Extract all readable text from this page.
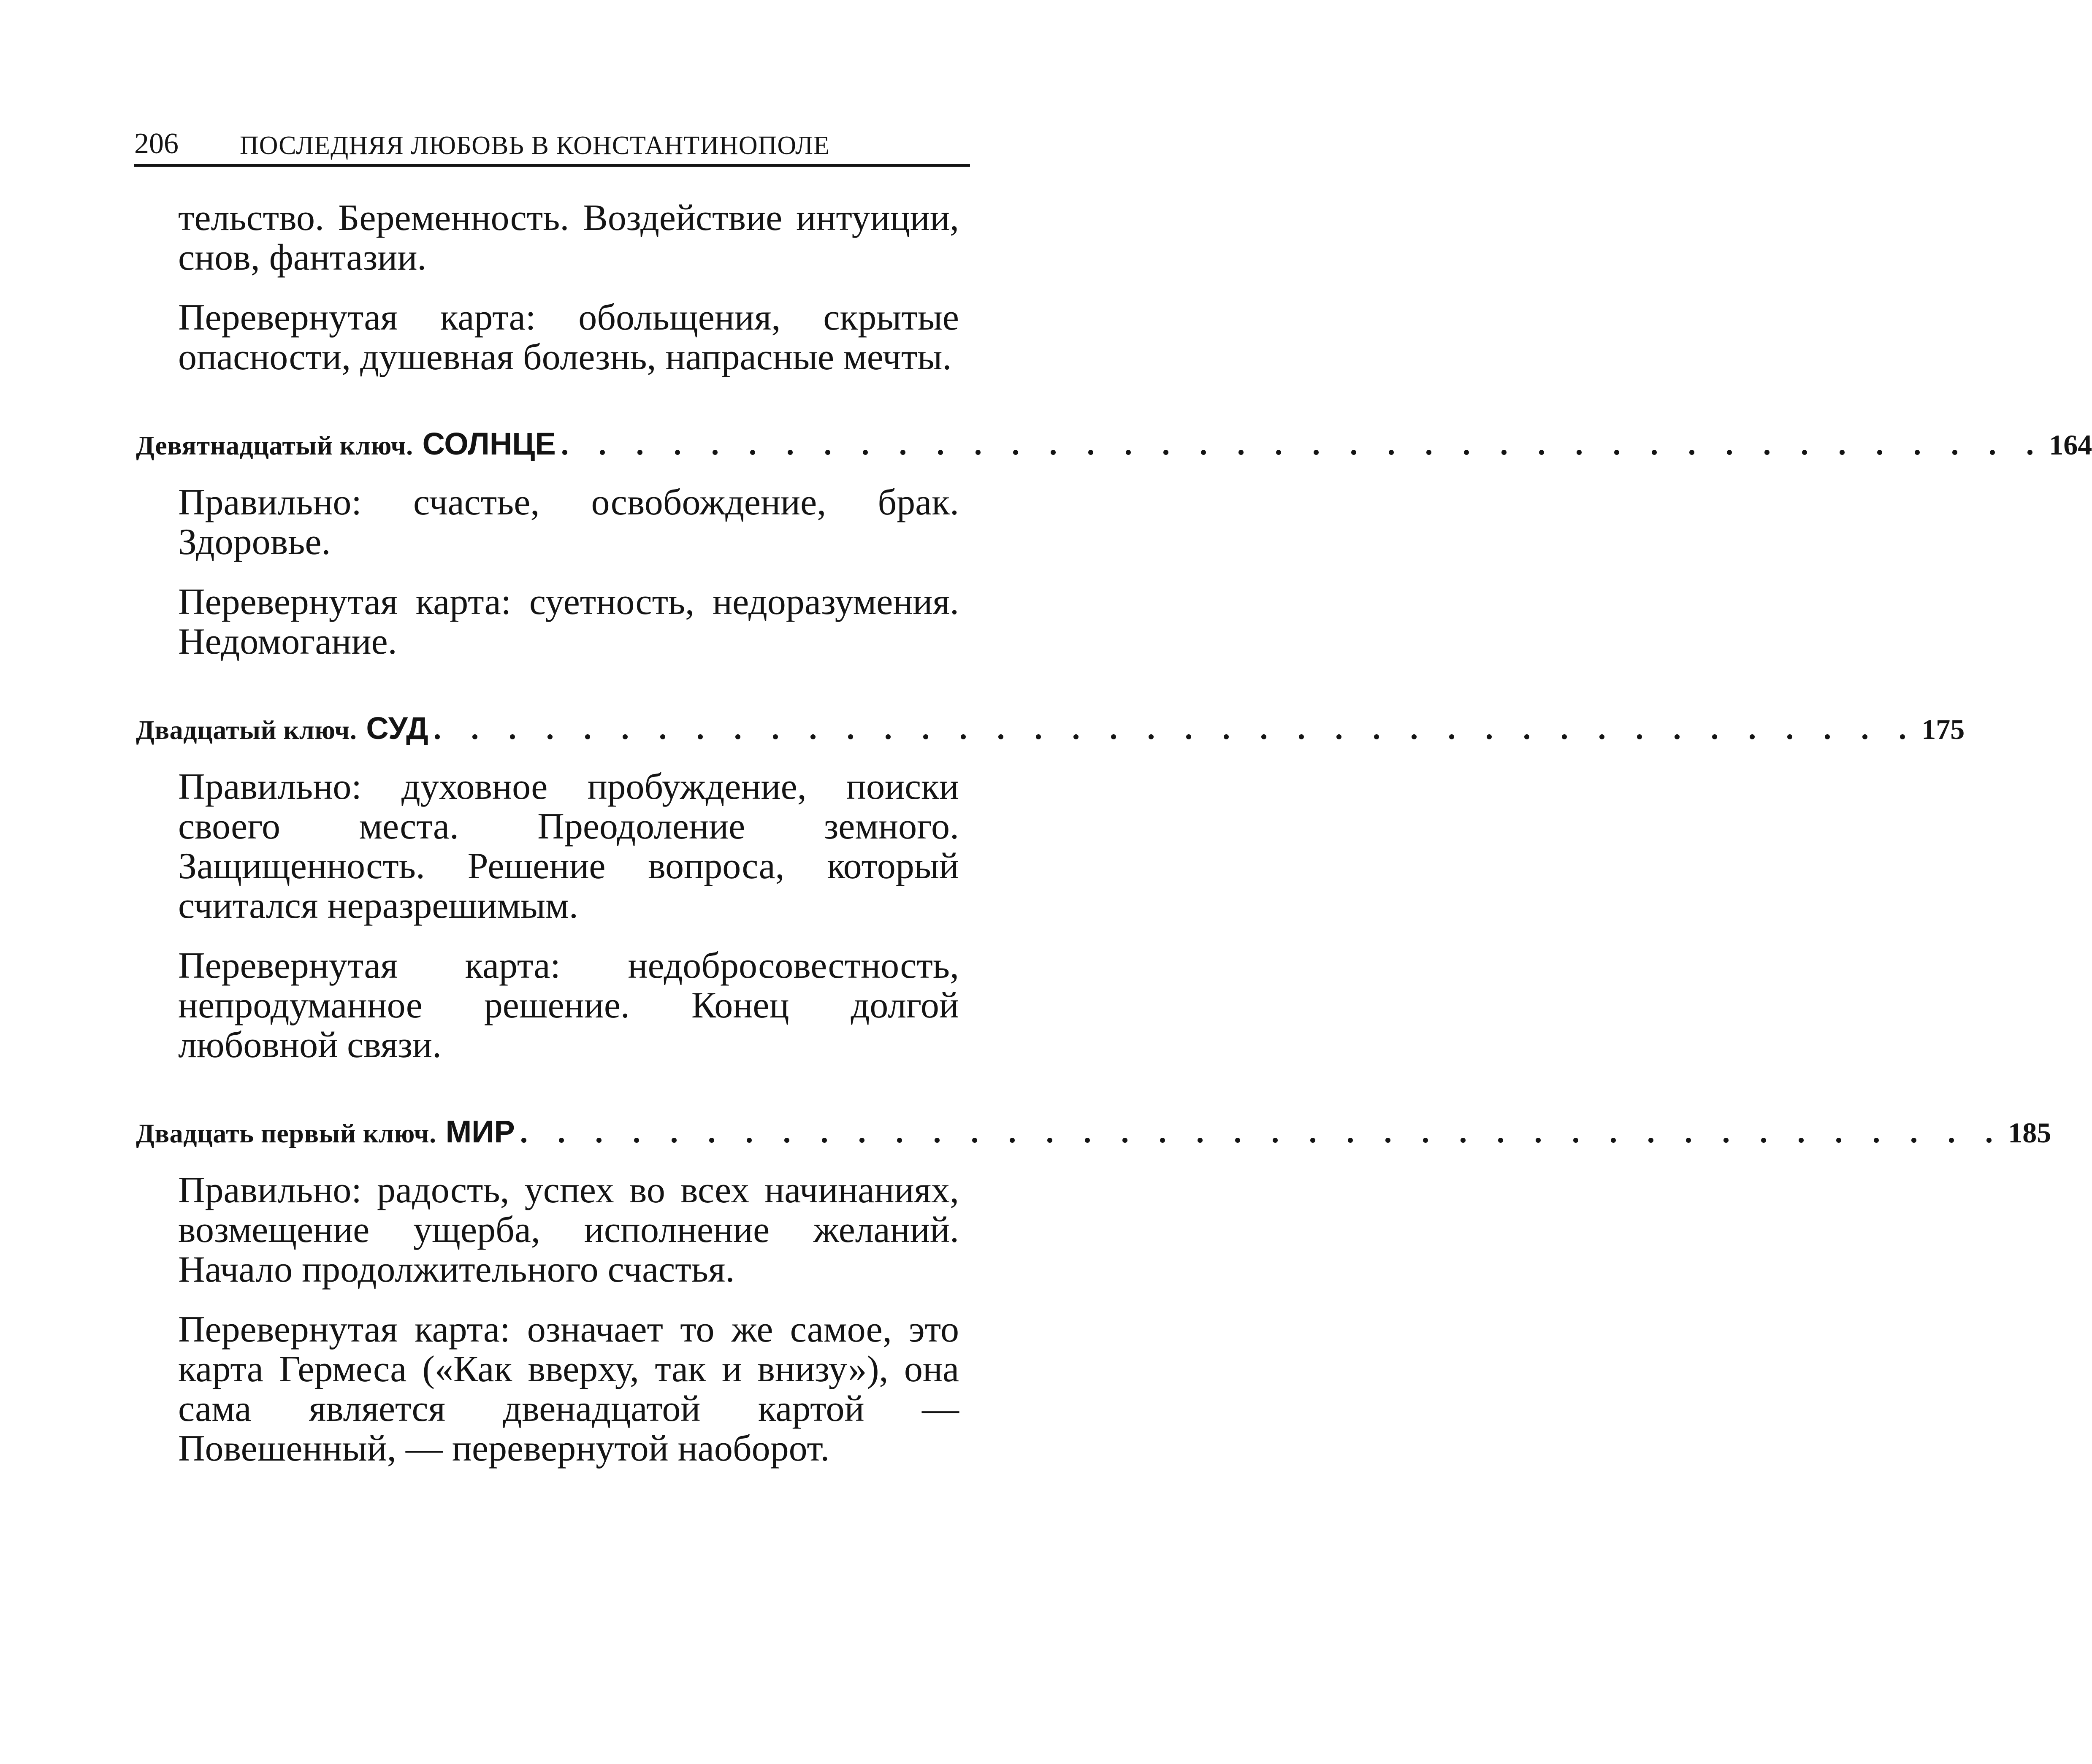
206 ПОСЛЕДНЯЯ ЛЮБОВЬ В КОНСТАНТИНОПОЛЕ

тельство. Беременность. Воздействие интуиции, снов, фантазии.

Перевернутая карта: обольщения, скрытые опасности, душевная болезнь, напрасные мечты.

Девятнадцатый ключ. СОЛНЦЕ . . . . . . . . . . . . . . . . . . . . . . . . . . . . . . . . . . . . . . . . 164

Правильно: счастье, освобождение, брак. Здоровье.

Перевернутая карта: суетность, недоразумения. Недомогание.

Двадцатый ключ. СУД . . . . . . . . . . . . . . . . . . . . . . . . . . . . . . . . . . . . . . . . 175

Правильно: духовное пробуждение, поиски своего места. Преодоление земного. Защищенность. Решение вопроса, который считался неразрешимым.

Перевернутая карта: недобросовестность, непродуманное решение. Конец долгой любовной связи.

Двадцать первый ключ. МИР . . . . . . . . . . . . . . . . . . . . . . . . . . . . . . . . . . . . . . . . 185

Правильно: радость, успех во всех начинаниях, возмещение ущерба, исполнение желаний. Начало продолжительного счастья.

Перевернутая карта: означает то же самое, это карта Гермеса («Как вверху, так и внизу»), она сама является двенадцатой картой — Повешенный, — перевернутой наоборот.
